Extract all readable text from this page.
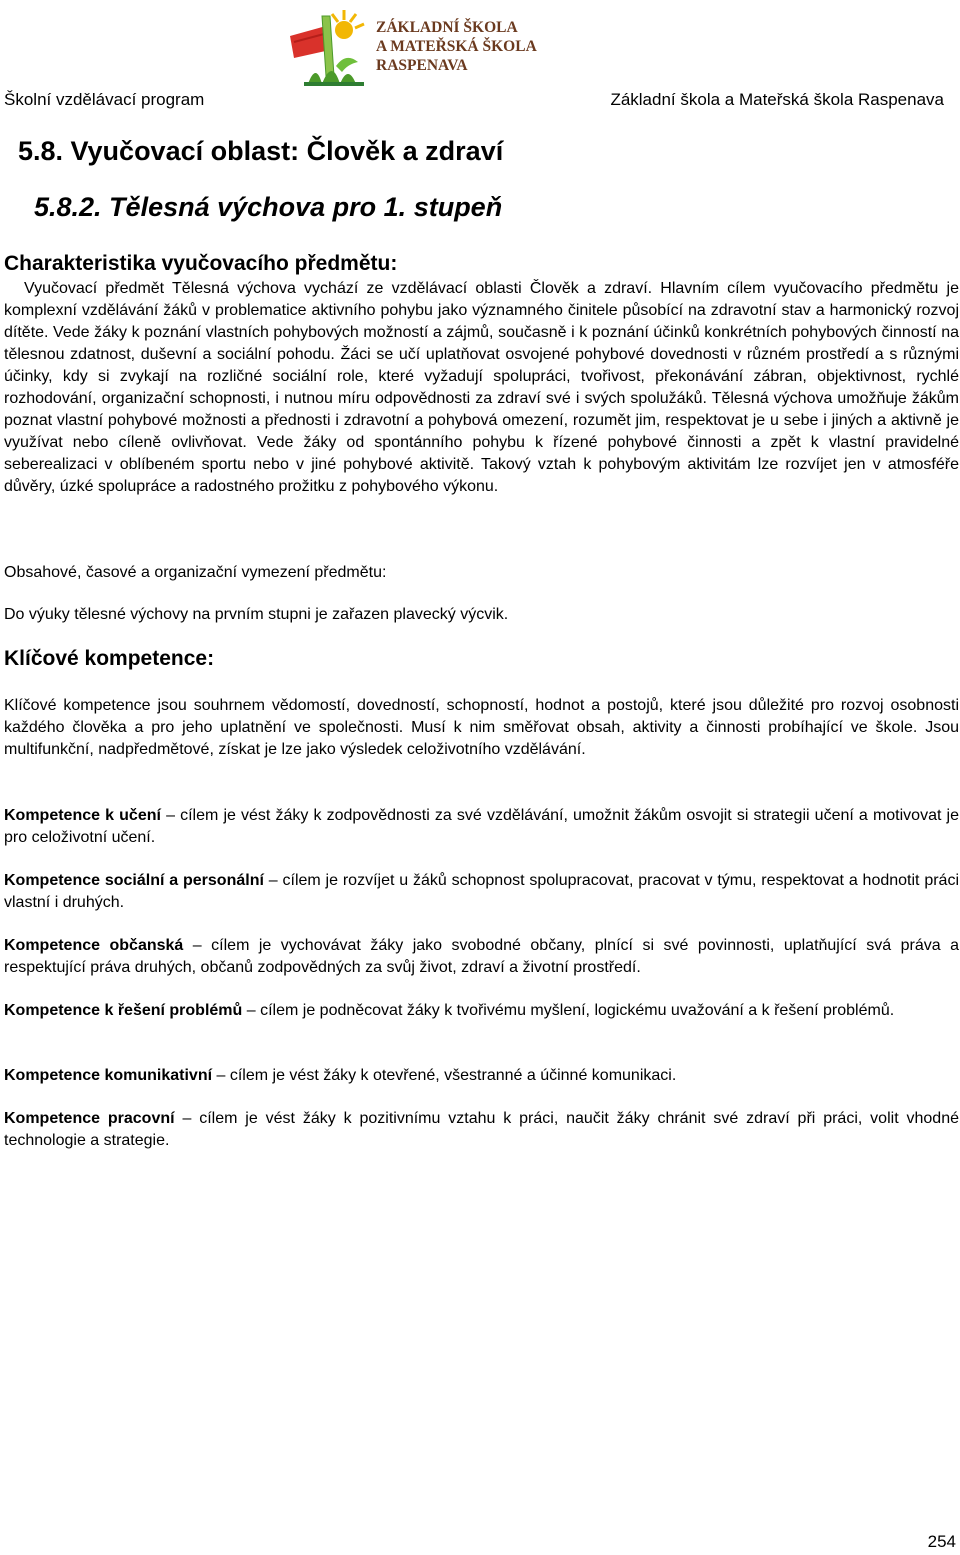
ZÁKLADNÍ ŠKOLA
A MATEŘSKÁ ŠKOLA
RASPENAVA
Školní vzdělávací program	Základní škola a Mateřská škola Raspenava
5.8. Vyučovací oblast: Člověk a zdraví
5.8.2. Tělesná výchova pro 1. stupeň
Charakteristika vyučovacího předmětu:
Vyučovací předmět Tělesná výchova vychází ze vzdělávací oblasti Člověk a zdraví. Hlavním cílem vyučovacího předmětu je komplexní vzdělávání žáků v problematice aktivního pohybu jako významného činitele působící na zdravotní stav a harmonický rozvoj dítěte. Vede žáky k poznání vlastních pohybových možností a zájmů, současně i k poznání účinků konkrétních pohybových činností na tělesnou zdatnost, duševní a sociální pohodu. Žáci se učí uplatňovat osvojené pohybové dovednosti v různém prostředí a s různými účinky, kdy si zvykají na rozličné sociální role, které vyžadují spolupráci, tvořivost, překonávání zábran, objektivnost, rychlé rozhodování, organizační schopnosti, i nutnou míru odpovědnosti za zdraví své i svých spolužáků. Tělesná výchova umožňuje žákům poznat vlastní pohybové možnosti a přednosti i zdravotní a pohybová omezení, rozumět jim, respektovat je u sebe i jiných a aktivně je využívat nebo cíleně ovlivňovat. Vede žáky od spontánního pohybu k řízené pohybové činnosti a zpět k vlastní pravidelné seberealizaci v oblíbeném sportu nebo v jiné pohybové aktivitě. Takový vztah k pohybovým aktivitám lze rozvíjet jen v atmosféře důvěry, úzké spolupráce a radostného prožitku z pohybového výkonu.
Obsahové, časové a organizační vymezení předmětu:
Do výuky tělesné výchovy na prvním stupni je zařazen plavecký výcvik.
Klíčové kompetence:
Klíčové kompetence jsou souhrnem vědomostí, dovedností, schopností, hodnot a postojů, které jsou důležité pro rozvoj osobnosti každého člověka a pro jeho uplatnění ve společnosti. Musí k nim směřovat obsah, aktivity a činnosti probíhající ve škole. Jsou multifunkční, nadpředmětové, získat je lze jako výsledek celoživotního vzdělávání.
Kompetence k učení – cílem je vést žáky k zodpovědnosti za své vzdělávání, umožnit žákům osvojit si strategii učení a motivovat je pro celoživotní učení.
Kompetence sociální a personální – cílem je rozvíjet u žáků schopnost spolupracovat, pracovat v týmu, respektovat a hodnotit práci vlastní i druhých.
Kompetence občanská – cílem je vychovávat žáky jako svobodné občany, plnící si své povinnosti, uplatňující svá práva a respektující práva druhých, občanů zodpovědných za svůj život, zdraví a životní prostředí.
Kompetence k řešení problémů – cílem je podněcovat žáky k tvořivému myšlení, logickému uvažování a k řešení problémů.
Kompetence komunikativní – cílem je vést žáky k otevřené, všestranné a účinné komunikaci.
Kompetence pracovní – cílem je vést žáky k pozitivnímu vztahu k práci, naučit žáky chránit své zdraví při práci, volit vhodné technologie a strategie.
254
